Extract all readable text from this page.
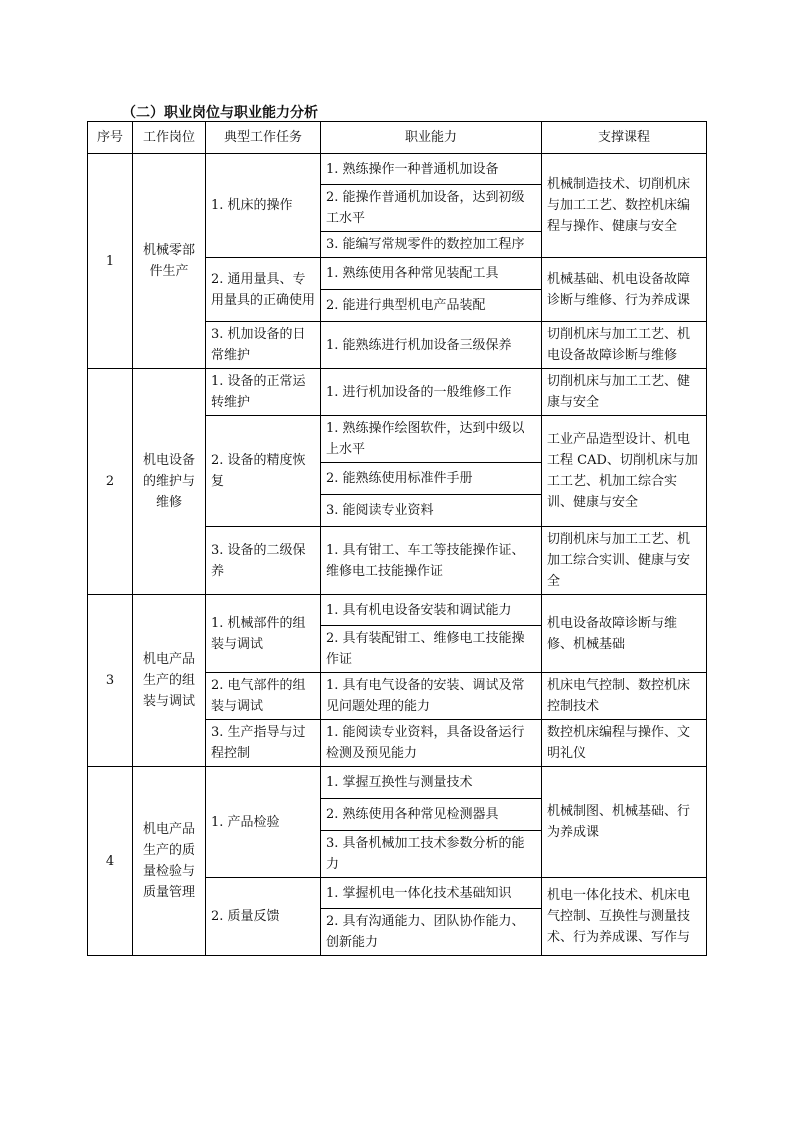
（二）职业岗位与职业能力分析
序号	工作岗位	典型工作任务	职业能力	支撑课程
1	机械零部件生产	1. 机床的操作	1. 熟练操作一种普通机加设备	机械制造技术、切削机床与加工工艺、数控机床编程与操作、健康与安全
			2. 能操作普通机加设备，达到初级工水平	
			3. 能编写常规零件的数控加工程序	
		2. 通用量具、专用量具的正确使用	1. 熟练使用各种常见装配工具	机械基础、机电设备故障诊断与维修、行为养成课
			2. 能进行典型机电产品装配	
		3. 机加设备的日常维护	1. 能熟练进行机加设备三级保养	切削机床与加工工艺、机电设备故障诊断与维修
2	机电设备的维护与维修	1. 设备的正常运转维护	1. 进行机加设备的一般维修工作	切削机床与加工工艺、健康与安全
		2. 设备的精度恢复	1. 熟练操作绘图软件，达到中级以上水平	工业产品造型设计、机电工程 CAD、切削机床与加工工艺、机加工综合实训、健康与安全
			2. 能熟练使用标准件手册	
			3. 能阅读专业资料	
		3. 设备的二级保养	1. 具有钳工、车工等技能操作证、维修电工技能操作证	切削机床与加工工艺、机加工综合实训、健康与安全
3	机电产品生产的组装与调试	1. 机械部件的组装与调试	1. 具有机电设备安装和调试能力	机电设备故障诊断与维修、机械基础
			2. 具有装配钳工、维修电工技能操作证	
		2. 电气部件的组装与调试	1. 具有电气设备的安装、调试及常见问题处理的能力	机床电气控制、数控机床控制技术
		3. 生产指导与过程控制	1. 能阅读专业资料，具备设备运行检测及预见能力	数控机床编程与操作、文明礼仪
4	机电产品生产的质量检验与质量管理	1. 产品检验	1. 掌握互换性与测量技术	机械制图、机械基础、行为养成课
			2. 熟练使用各种常见检测器具	
			3. 具备机械加工技术参数分析的能力	
		2. 质量反馈	1. 掌握机电一体化技术基础知识	机电一体化技术、机床电气控制、互换性与测量技术、行为养成课、写作与
			2. 具有沟通能力、团队协作能力、创新能力	
